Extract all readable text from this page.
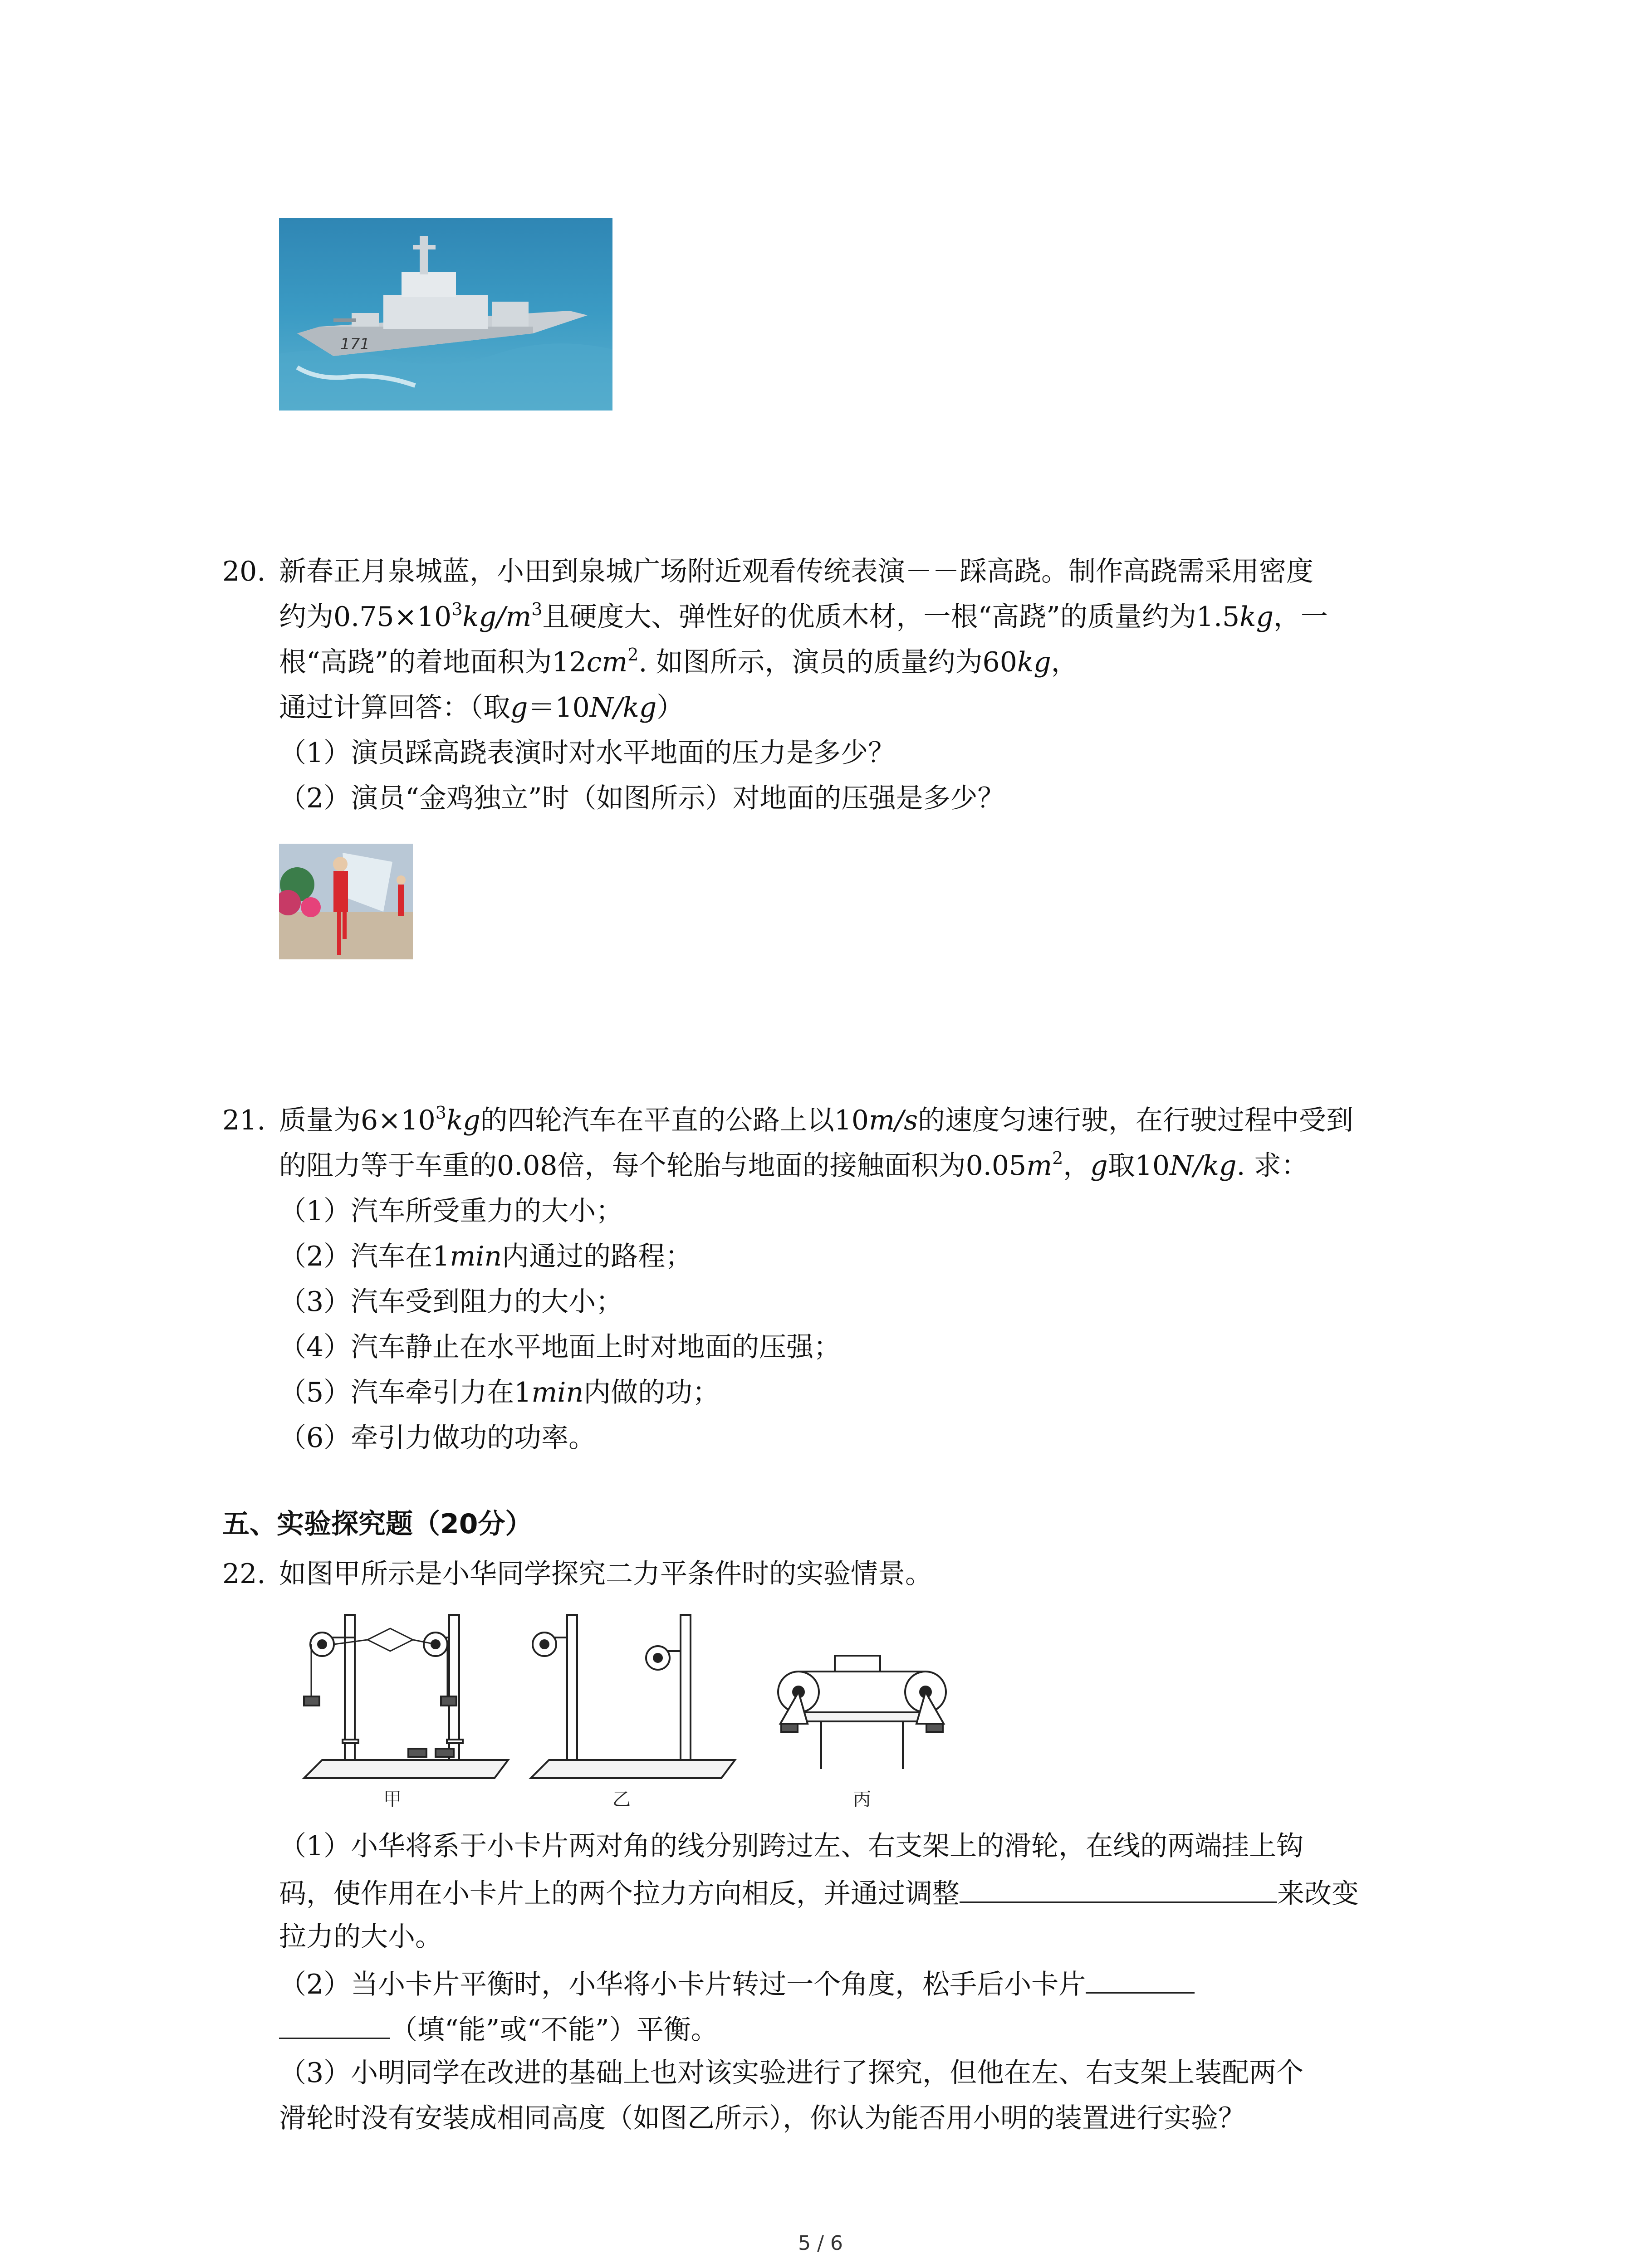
171
20. 新春正月泉城蓝，小田到泉城广场附近观看传统表演－－踩高跷。制作高跷需采用密度
约为$0.75\times 10^3kg/m^3$且硬度大、弹性好的优质木材，一根“高跷”的质量约为1.5kg，一
根“高跷”的着地面积为$12cm^2$. 如图所示，演员的质量约为60kg，
通过计算回答：（取g＝10N/kg）
（1）演员踩高跷表演时对水平地面的压力是多少？
（2）演员“金鸡独立”时（如图所示）对地面的压强是多少？
21. 质量为$6\times 10^3kg$的四轮汽车在平直的公路上以10m/s的速度匀速行驶，在行驶过程中受到
的阻力等于车重的0.08倍，每个轮胎与地面的接触面积为$0.05m^2$，g取10N/kg. 求：
（1）汽车所受重力的大小；
（2）汽车在1min内通过的路程；
（3）汽车受到阻力的大小；
（4）汽车静止在水平地面上时对地面的压强；
（5）汽车牵引力在1min内做的功；
（6）牵引力做功的功率。
五、实验探究题（20分）
22. 如图甲所示是小华同学探究二力平条件时的实验情景。
甲	乙	丙
（1）小华将系于小卡片两对角的线分别跨过左、右支架上的滑轮，在线的两端挂上钩
码，使作用在小卡片上的两个拉力方向相反，并通过调整	来改变
拉力的大小。
（2）当小卡片平衡时，小华将小卡片转过一个角度，松手后小卡片
（填“能”或“不能”）平衡。
（3）小明同学在改进的基础上也对该实验进行了探究，但他在左、右支架上装配两个
滑轮时没有安装成相同高度（如图乙所示），你认为能否用小明的装置进行实验？
5 / 6
